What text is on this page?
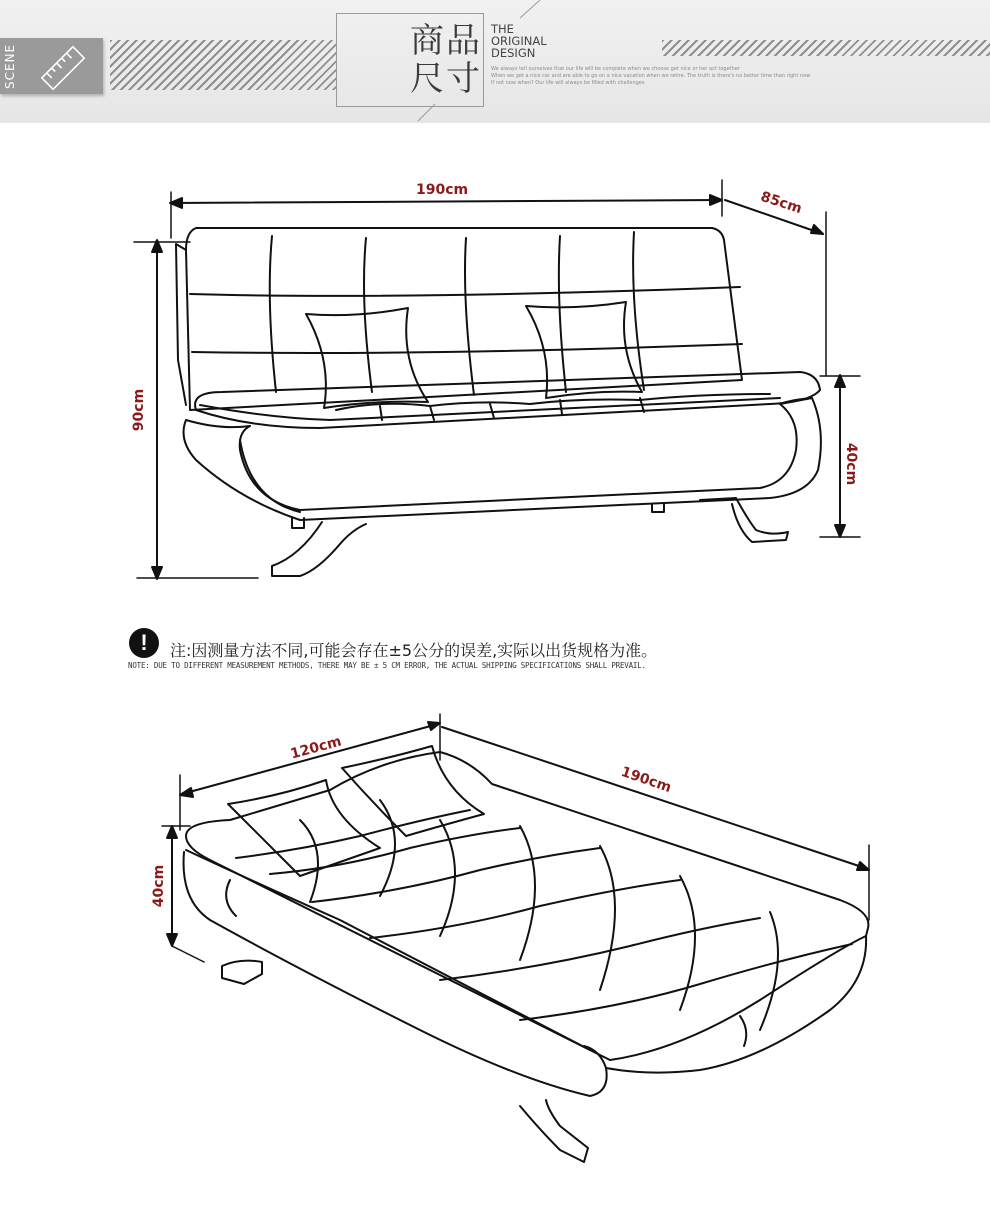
SCENE
商品
尺寸
THE
ORIGINAL
DESIGN
We always tell ourselves that our life will be complete when we choose get nice or her act together
When we get a nice car and are able to go on a nice vacation when we retire. The truth is there's no better time than right now
If not now when? Our life will always be filled with challenges
190cm	85cm
90cm
40cm
!	注:因测量方法不同,可能会存在±5公分的误差,实际以出货规格为准。
NOTE: DUE TO DIFFERENT MEASUREMENT METHODS, THERE MAY BE ± 5 CM ERROR, THE ACTUAL SHIPPING SPECIFICATIONS SHALL PREVAIL.
120cm
190cm
40cm
